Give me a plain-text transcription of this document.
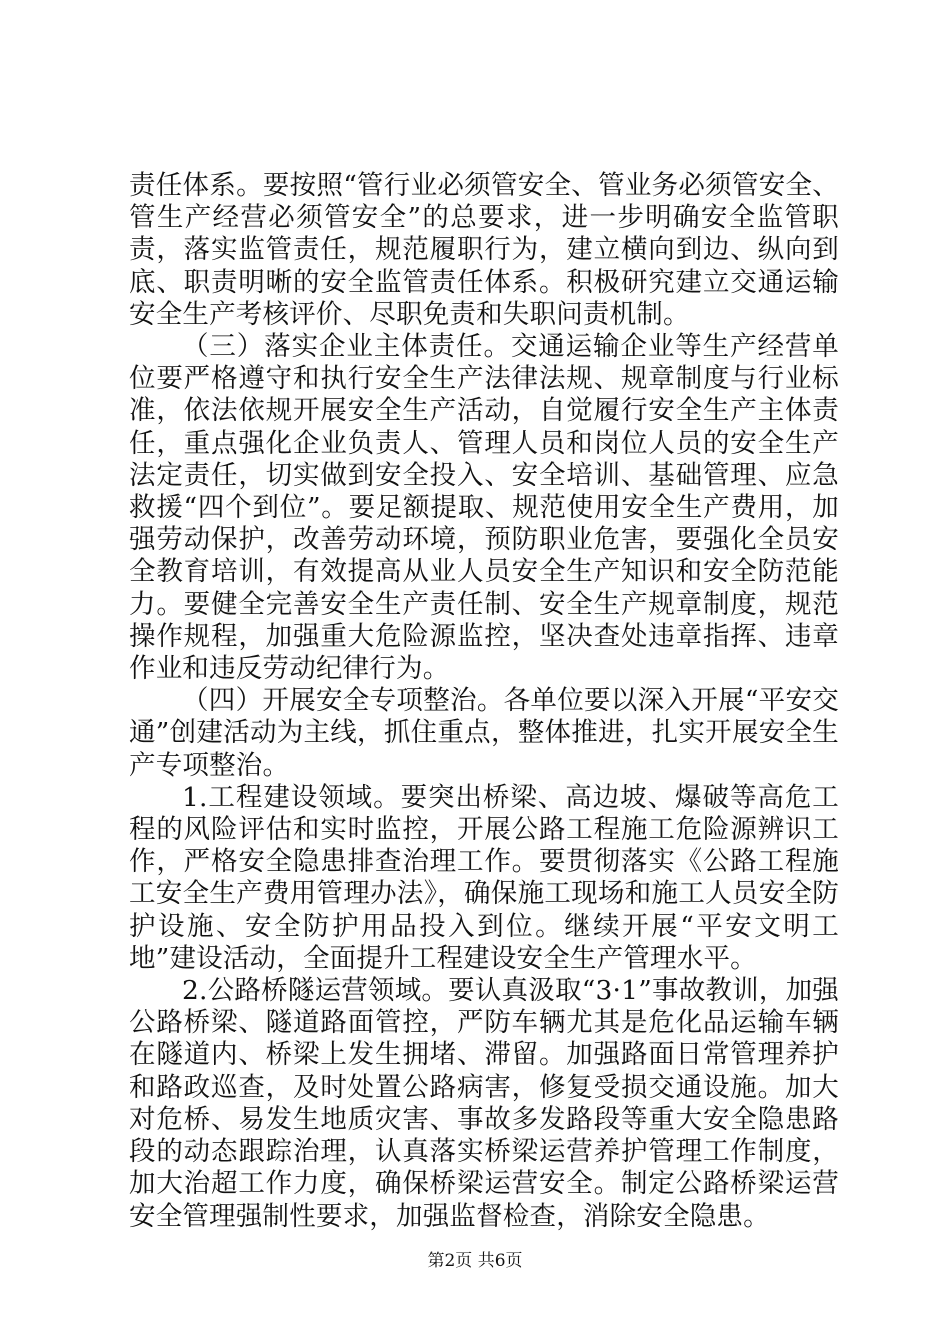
责任体系。要按照“管行业必须管安全、管业务必须管安全、管生产经营必须管安全”的总要求，进一步明确安全监管职责，落实监管责任，规范履职行为，建立横向到边、纵向到底、职责明晰的安全监管责任体系。积极研究建立交通运输安全生产考核评价、尽职免责和失职问责机制。

（三）落实企业主体责任。交通运输企业等生产经营单位要严格遵守和执行安全生产法律法规、规章制度与行业标准，依法依规开展安全生产活动，自觉履行安全生产主体责任，重点强化企业负责人、管理人员和岗位人员的安全生产法定责任，切实做到安全投入、安全培训、基础管理、应急救援“四个到位”。要足额提取、规范使用安全生产费用，加强劳动保护，改善劳动环境，预防职业危害，要强化全员安全教育培训，有效提高从业人员安全生产知识和安全防范能力。要健全完善安全生产责任制、安全生产规章制度，规范操作规程，加强重大危险源监控，坚决查处违章指挥、违章作业和违反劳动纪律行为。

（四）开展安全专项整治。各单位要以深入开展“平安交通”创建活动为主线，抓住重点，整体推进，扎实开展安全生产专项整治。

1.工程建设领域。要突出桥梁、高边坡、爆破等高危工程的风险评估和实时监控，开展公路工程施工危险源辨识工作，严格安全隐患排查治理工作。要贯彻落实《公路工程施工安全生产费用管理办法》，确保施工现场和施工人员安全防护设施、安全防护用品投入到位。继续开展“平安文明工地”建设活动，全面提升工程建设安全生产管理水平。

2.公路桥隧运营领域。要认真汲取“3·1”事故教训，加强公路桥梁、隧道路面管控，严防车辆尤其是危化品运输车辆在隧道内、桥梁上发生拥堵、滞留。加强路面日常管理养护和路政巡查，及时处置公路病害，修复受损交通设施。加大对危桥、易发生地质灾害、事故多发路段等重大安全隐患路段的动态跟踪治理，认真落实桥梁运营养护管理工作制度，加大治超工作力度，确保桥梁运营安全。制定公路桥梁运营安全管理强制性要求，加强监督检查，消除安全隐患。

第2页 共6页
